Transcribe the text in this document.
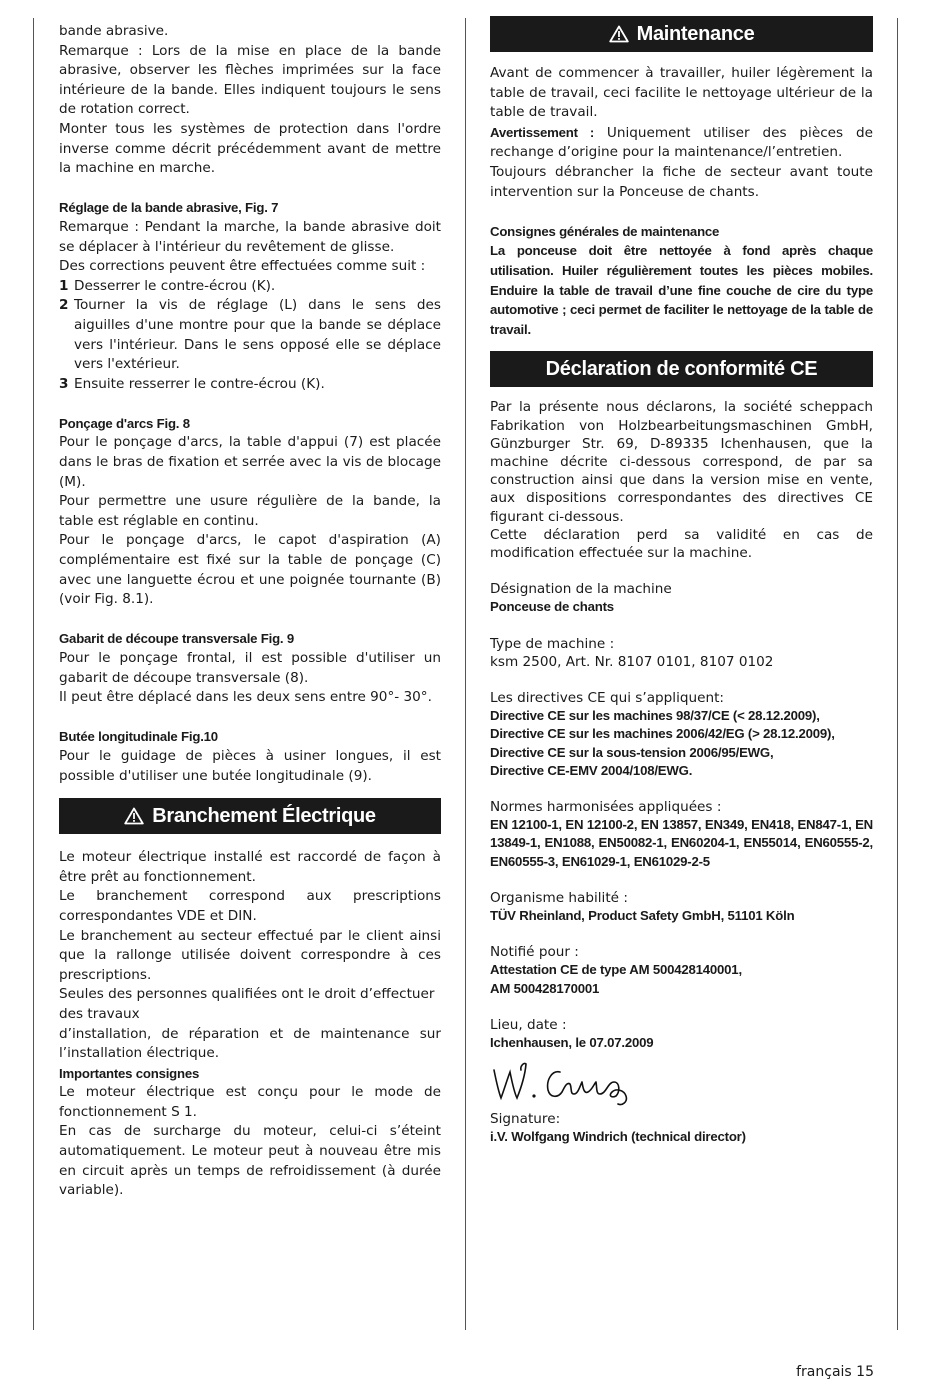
bande abrasive.

Remarque : Lors de la mise en place de la bande abrasive, observer les flèches imprimées sur la face intérieure de la bande. Elles indiquent toujours le sens de rotation correct.

Monter tous les systèmes de protection dans l'ordre inverse comme décrit précédemment avant de mettre la machine en marche.

Réglage de la bande abrasive, Fig. 7

Remarque : Pendant la marche, la bande abrasive doit se déplacer à l'intérieur du revêtement de glisse.

Des corrections peuvent être effectuées comme suit :

1 Desserrer le contre-écrou (K).
2 Tourner la vis de réglage (L) dans le sens des aiguilles d'une montre pour que la bande se déplace vers l'intérieur. Dans le sens opposé elle se déplace vers l'extérieur.
3 Ensuite resserrer le contre-écrou (K).
Ponçage d'arcs Fig. 8

Pour le ponçage d'arcs, la table d'appui (7) est placée dans le bras de fixation et serrée avec la vis de blocage (M).

Pour permettre une usure régulière de la bande, la table est réglable en continu.

Pour le ponçage d'arcs, le capot d'aspiration (A) complémentaire est fixé sur la table de ponçage (C) avec une languette écrou et une poignée tournante (B) (voir Fig. 8.1).

Gabarit de découpe transversale Fig. 9

Pour le ponçage frontal, il est possible d'utiliser un gabarit de découpe transversale (8).

Il peut être déplacé dans les deux sens entre 90°- 30°.

Butée longitudinale Fig.10

Pour le guidage de pièces à usiner longues, il est possible d'utiliser une butée longitudinale (9).

Branchement Électrique

Le moteur électrique installé est raccordé de façon à être prêt au fonctionnement.

Le branchement correspond aux prescriptions correspondantes VDE et DIN.

Le branchement au secteur effectué par le client ainsi que la rallonge utilisée doivent correspondre à ces prescriptions.

Seules des personnes qualifiées ont le droit d’effectuer des travaux

d’installation, de réparation et de maintenance sur l’installation électrique.

Importantes consignes

Le moteur électrique est conçu pour le mode de fonctionnement S 1.

En cas de surcharge du moteur, celui-ci s’éteint automatiquement. Le moteur peut à nouveau être mis en circuit après un temps de refroidissement (à durée variable).

Maintenance

Avant de commencer à travailler, huiler légèrement la table de travail, ceci facilite le nettoyage ultérieur de la table de travail.

Avertissement : Uniquement utiliser des pièces de rechange d’origine pour la maintenance/l’entretien.

Toujours débrancher la fiche de secteur avant toute intervention sur la Ponceuse de chants.

Consignes générales de maintenance

La ponceuse doit être nettoyée à fond après chaque utilisation. Huiler régulièrement toutes les pièces mobiles. Enduire la table de travail d’une fine couche de cire du type automotive ; ceci permet de faciliter le nettoyage de la table de travail.

Déclaration de conformité CE

Par la présente nous déclarons, la société scheppach Fabrikation von Holzbearbeitungsmaschinen GmbH, Günzburger Str. 69, D-89335 Ichenhausen, que la machine décrite ci-dessous correspond, de par sa construction ainsi que dans la version mise en vente, aux dispositions correspondantes des directives CE figurant ci-dessous.

Cette déclaration perd sa validité en cas de modification effectuée sur la machine.

Désignation de la machine

Ponceuse de chants

Type de machine :

ksm 2500, Art. Nr. 8107 0101, 8107 0102

Les directives CE qui s’appliquent:

Directive CE sur les machines 98/37/CE (< 28.12.2009),

Directive CE sur les machines 2006/42/EG (> 28.12.2009),

Directive CE sur la sous-tension 2006/95/EWG,

Directive CE-EMV 2004/108/EWG.

Normes harmonisées appliquées :

EN 12100-1, EN 12100-2, EN 13857, EN349, EN418, EN847-1, EN 13849-1, EN1088, EN50082-1, EN60204-1, EN55014, EN60555-2, EN60555-3, EN61029-1, EN61029-2-5

Organisme habilité :

TÜV Rheinland, Product Safety GmbH, 51101 Köln

Notifié pour :

Attestation CE de type AM 500428140001,

AM 500428170001

Lieu, date :

Ichenhausen, le 07.07.2009

Signature:

i.V. Wolfgang Windrich (technical director)

français 15
